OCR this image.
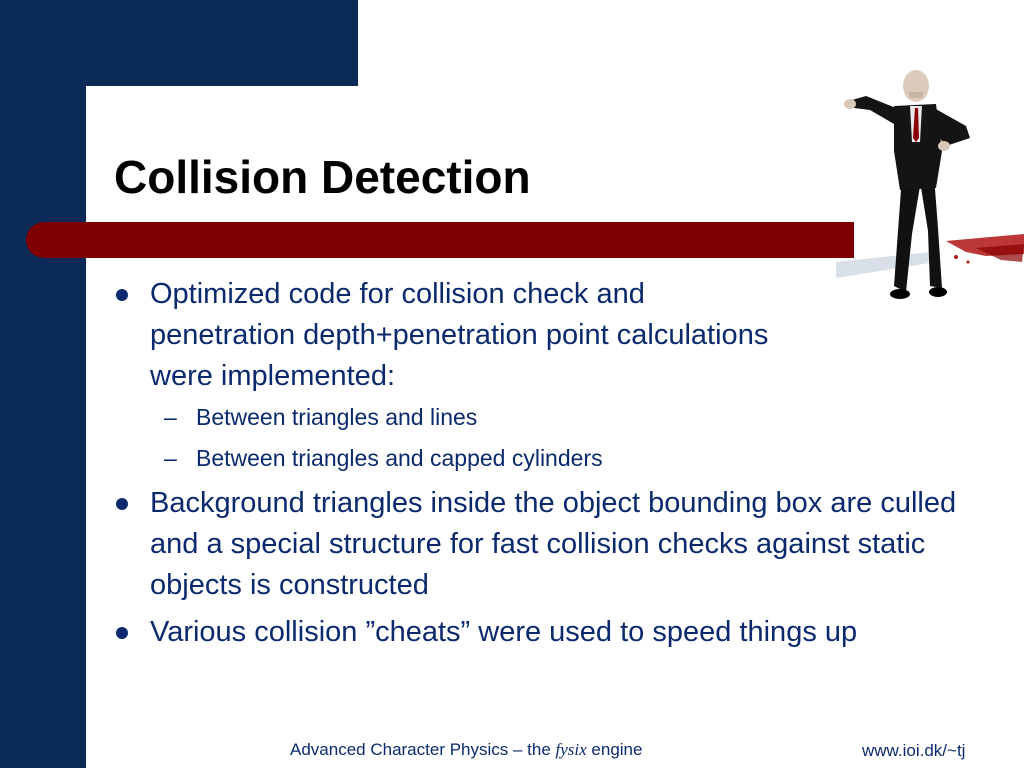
Collision Detection
Optimized code for collision check and
penetration depth+penetration point calculations
were implemented:
– Between triangles and lines
– Between triangles and capped cylinders
Background triangles inside the object bounding box are culled and a special structure for fast collision checks against static objects is constructed
Various collision ”cheats” were used to speed things up
Advanced Character Physics – the fysix engine	www.ioi.dk/~tj
